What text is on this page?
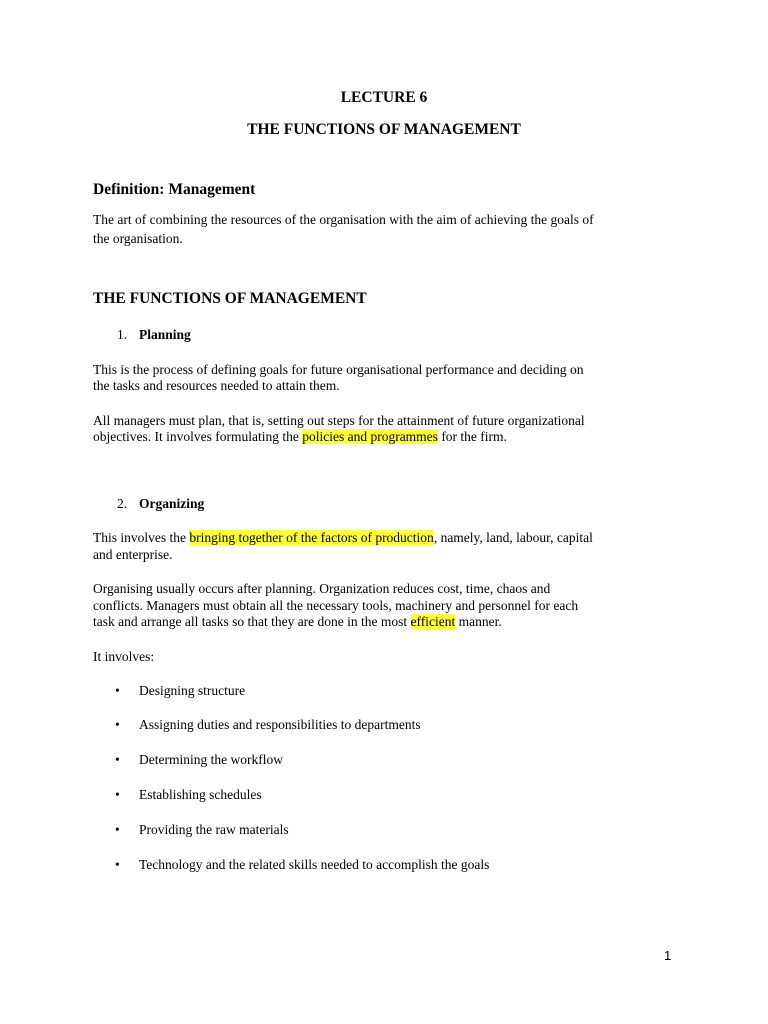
LECTURE 6

THE FUNCTIONS OF MANAGEMENT

Definition: Management

The art of combining the resources of the organisation with the aim of achieving the goals of

the organisation.

THE FUNCTIONS OF MANAGEMENT

1. Planning

This is the process of defining goals for future organisational performance and deciding on

the tasks and resources needed to attain them.

All managers must plan, that is, setting out steps for the attainment of future organizational

objectives. It involves formulating the policies and programmes for the firm.

2. Organizing

This involves the bringing together of the factors of production, namely, land, labour, capital

and enterprise.

Organising usually occurs after planning. Organization reduces cost, time, chaos and

conflicts. Managers must obtain all the necessary tools, machinery and personnel for each

task and arrange all tasks so that they are done in the most efficient manner.

It involves:

• Designing structure

• Assigning duties and responsibilities to departments

• Determining the workflow

• Establishing schedules

• Providing the raw materials

• Technology and the related skills needed to accomplish the goals

1
